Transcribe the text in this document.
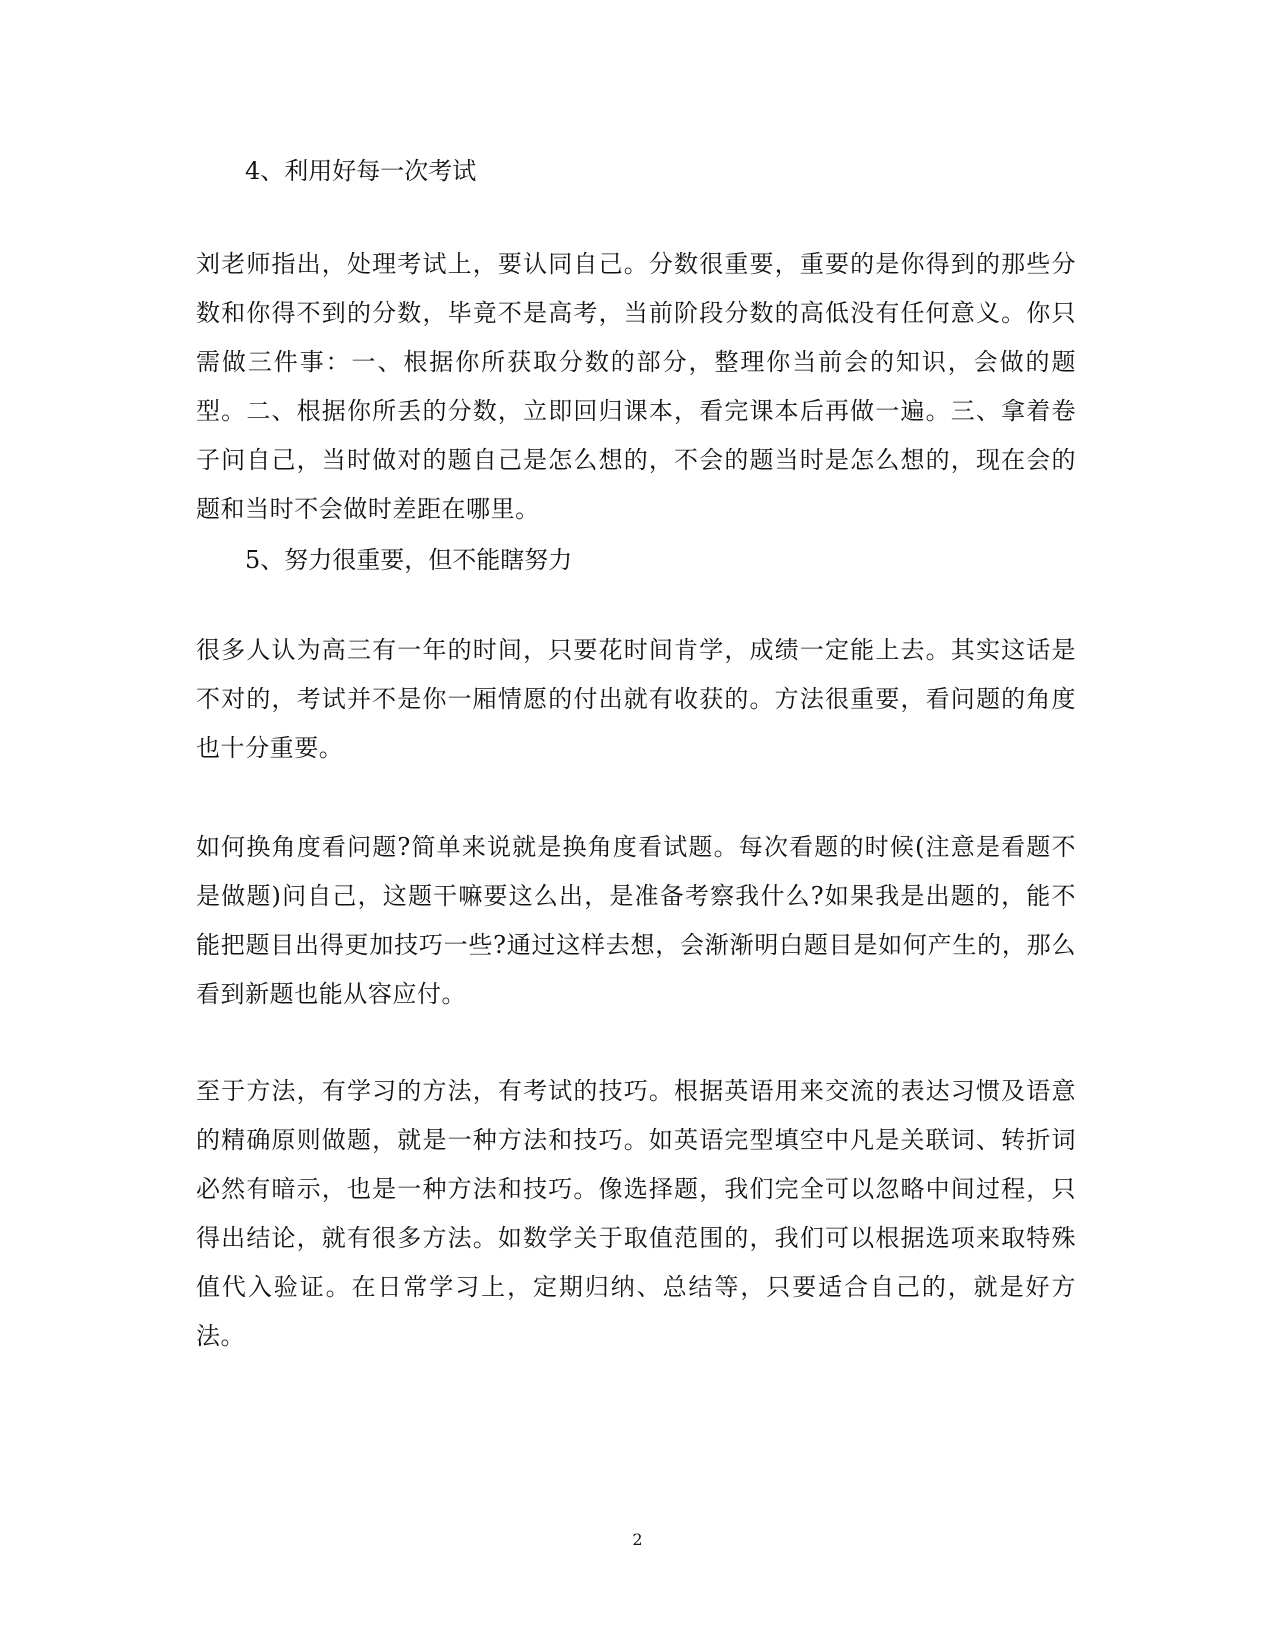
4、利用好每一次考试
刘老师指出，处理考试上，要认同自己。分数很重要，重要的是你得到的那些分数和你得不到的分数，毕竟不是高考，当前阶段分数的高低没有任何意义。你只需做三件事：一、根据你所获取分数的部分，整理你当前会的知识，会做的题型。二、根据你所丢的分数，立即回归课本，看完课本后再做一遍。三、拿着卷子问自己，当时做对的题自己是怎么想的，不会的题当时是怎么想的，现在会的题和当时不会做时差距在哪里。
5、努力很重要，但不能瞎努力
很多人认为高三有一年的时间，只要花时间肯学，成绩一定能上去。其实这话是不对的，考试并不是你一厢情愿的付出就有收获的。方法很重要，看问题的角度也十分重要。
如何换角度看问题?简单来说就是换角度看试题。每次看题的时候(注意是看题不是做题)问自己，这题干嘛要这么出，是准备考察我什么?如果我是出题的，能不能把题目出得更加技巧一些?通过这样去想，会渐渐明白题目是如何产生的，那么看到新题也能从容应付。
至于方法，有学习的方法，有考试的技巧。根据英语用来交流的表达习惯及语意的精确原则做题，就是一种方法和技巧。如英语完型填空中凡是关联词、转折词必然有暗示，也是一种方法和技巧。像选择题，我们完全可以忽略中间过程，只得出结论，就有很多方法。如数学关于取值范围的，我们可以根据选项来取特殊值代入验证。在日常学习上，定期归纳、总结等，只要适合自己的，就是好方法。
2
